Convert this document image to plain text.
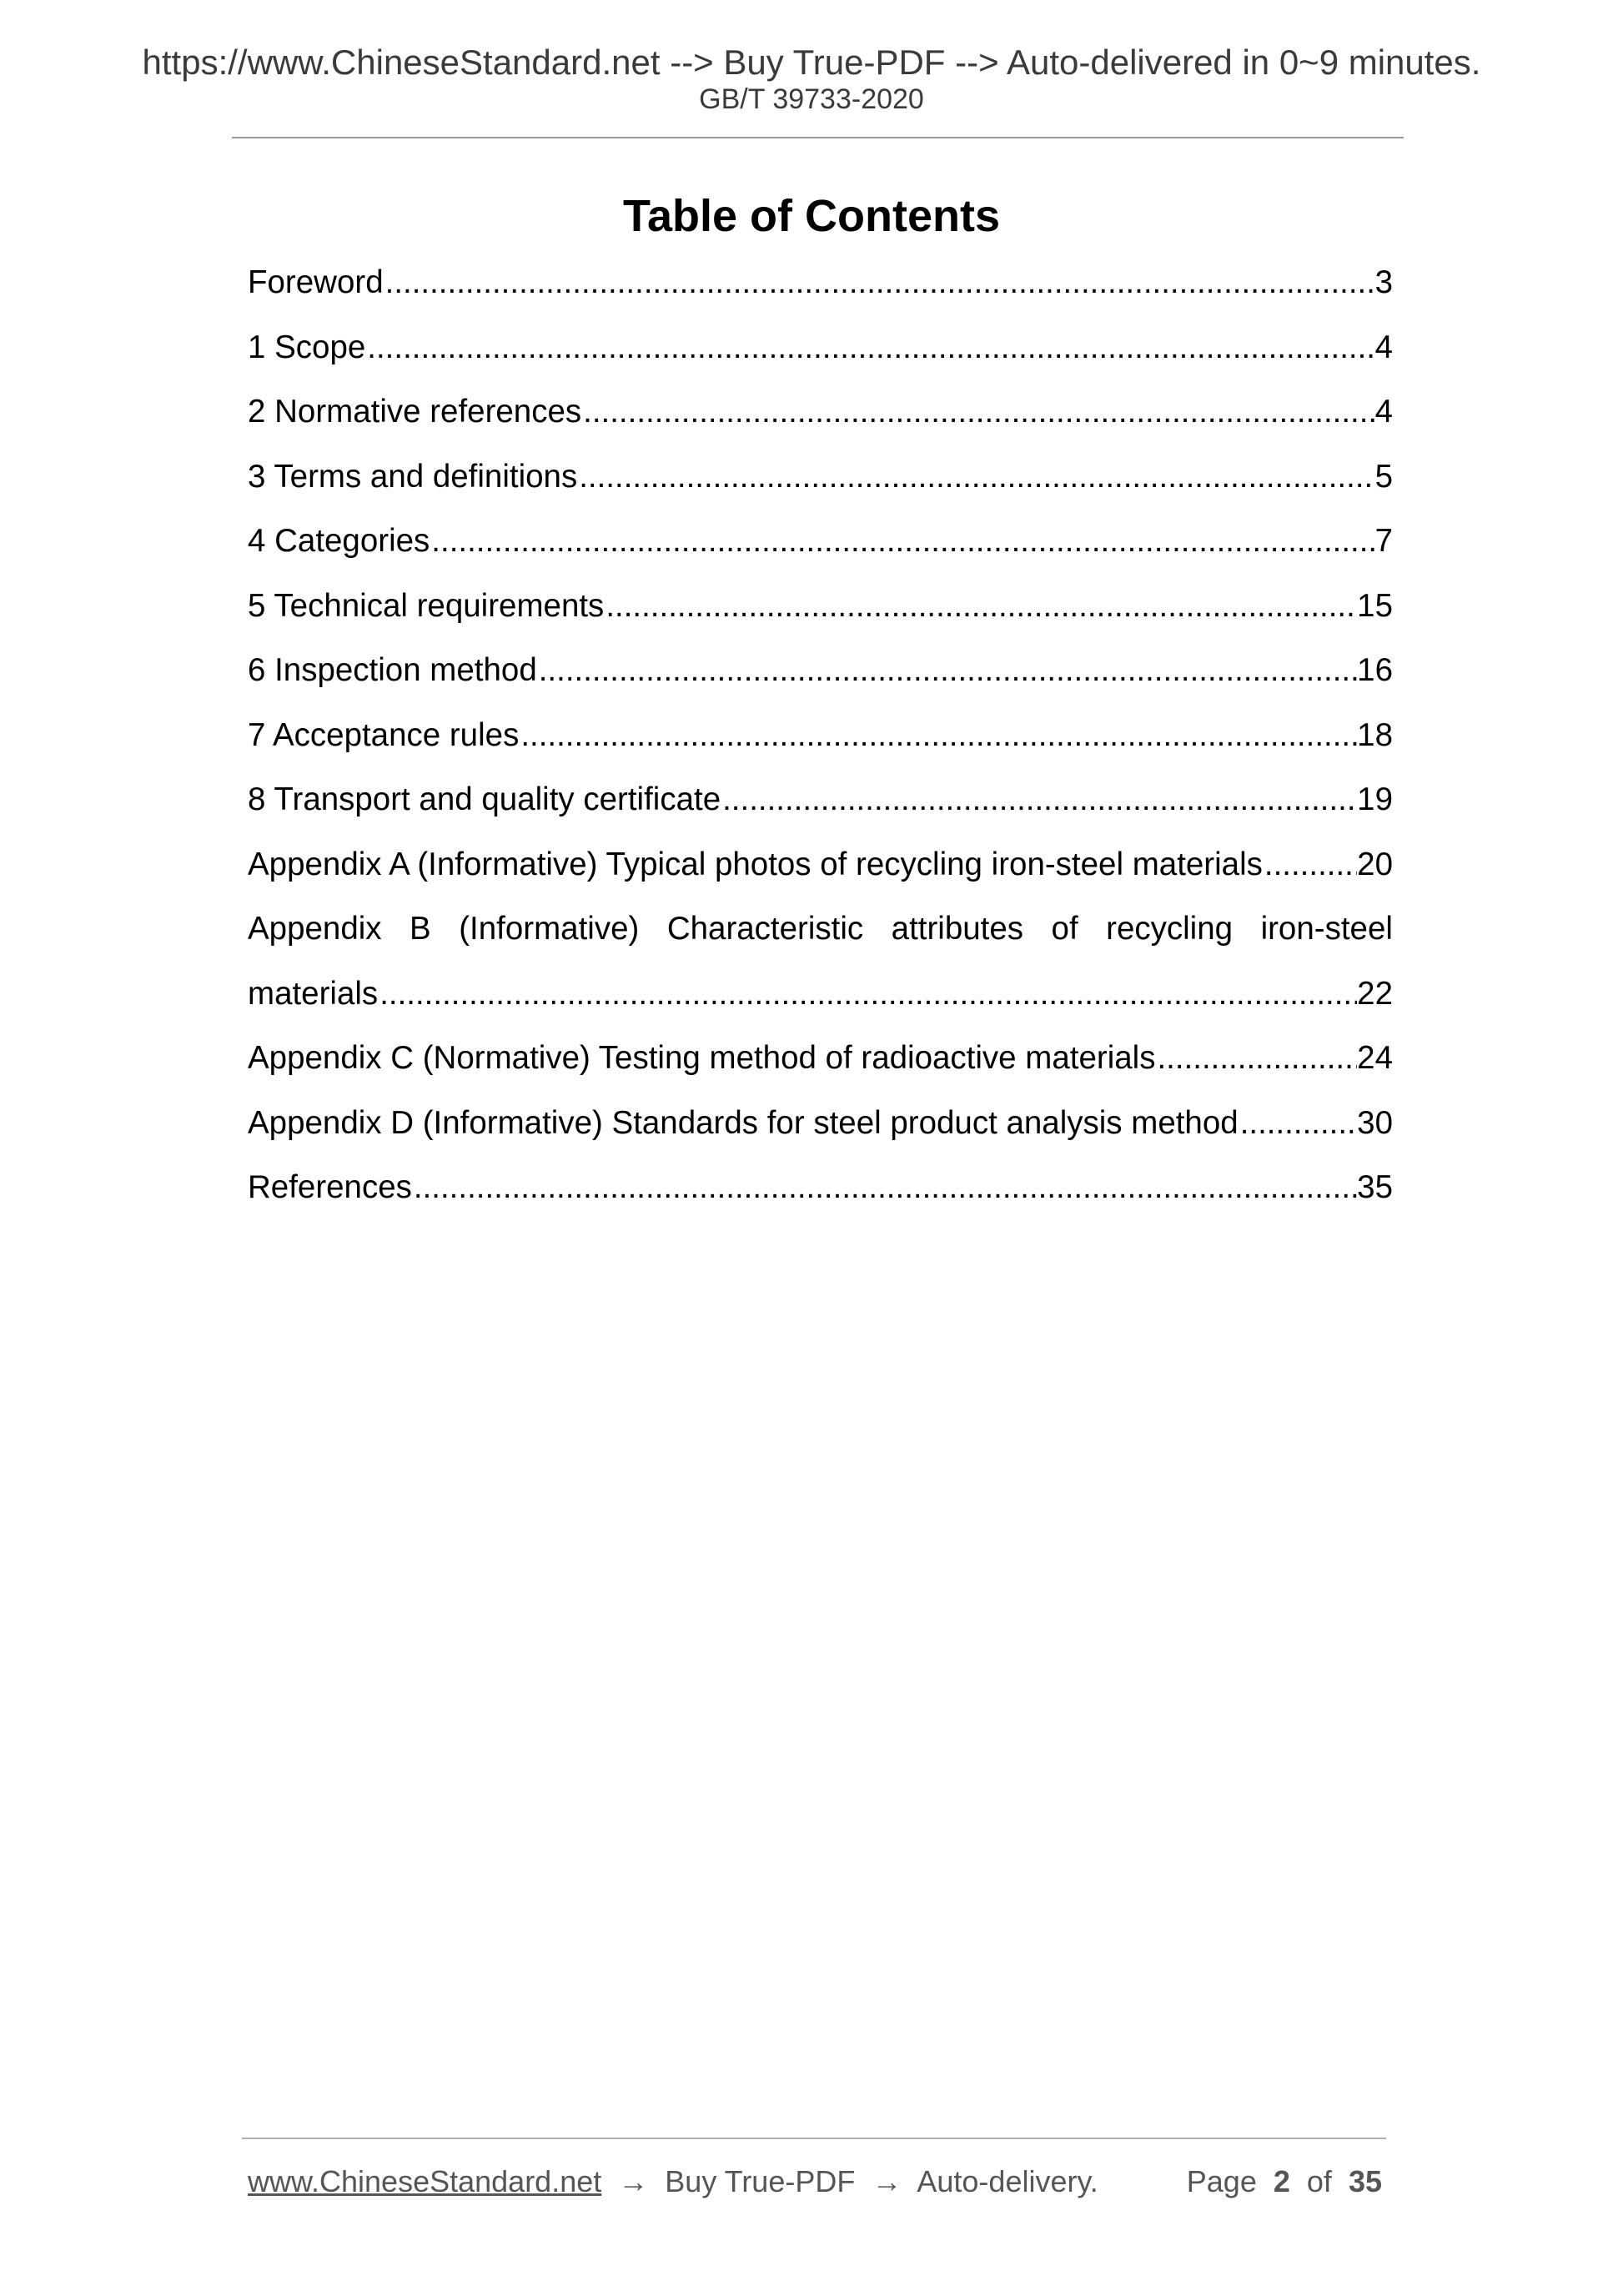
https://www.ChineseStandard.net --> Buy True-PDF --> Auto-delivered in 0~9 minutes.
GB/T 39733-2020
Table of Contents
Foreword .....	3
1 Scope .....	4
2 Normative references .....	4
3 Terms and definitions .....	5
4 Categories .....	7
5 Technical requirements .....	15
6 Inspection method .....	16
7 Acceptance rules .....	18
8 Transport and quality certificate .....	19
Appendix A (Informative) Typical photos of recycling iron-steel materials .....	20
Appendix B (Informative) Characteristic attributes of recycling iron-steel
materials .....	22
Appendix C (Normative) Testing method of radioactive materials .....	24
Appendix D (Informative) Standards for steel product analysis method .....	30
References .....	35
www.ChineseStandard.net → Buy True-PDF → Auto-delivery.	Page 2 of 35
